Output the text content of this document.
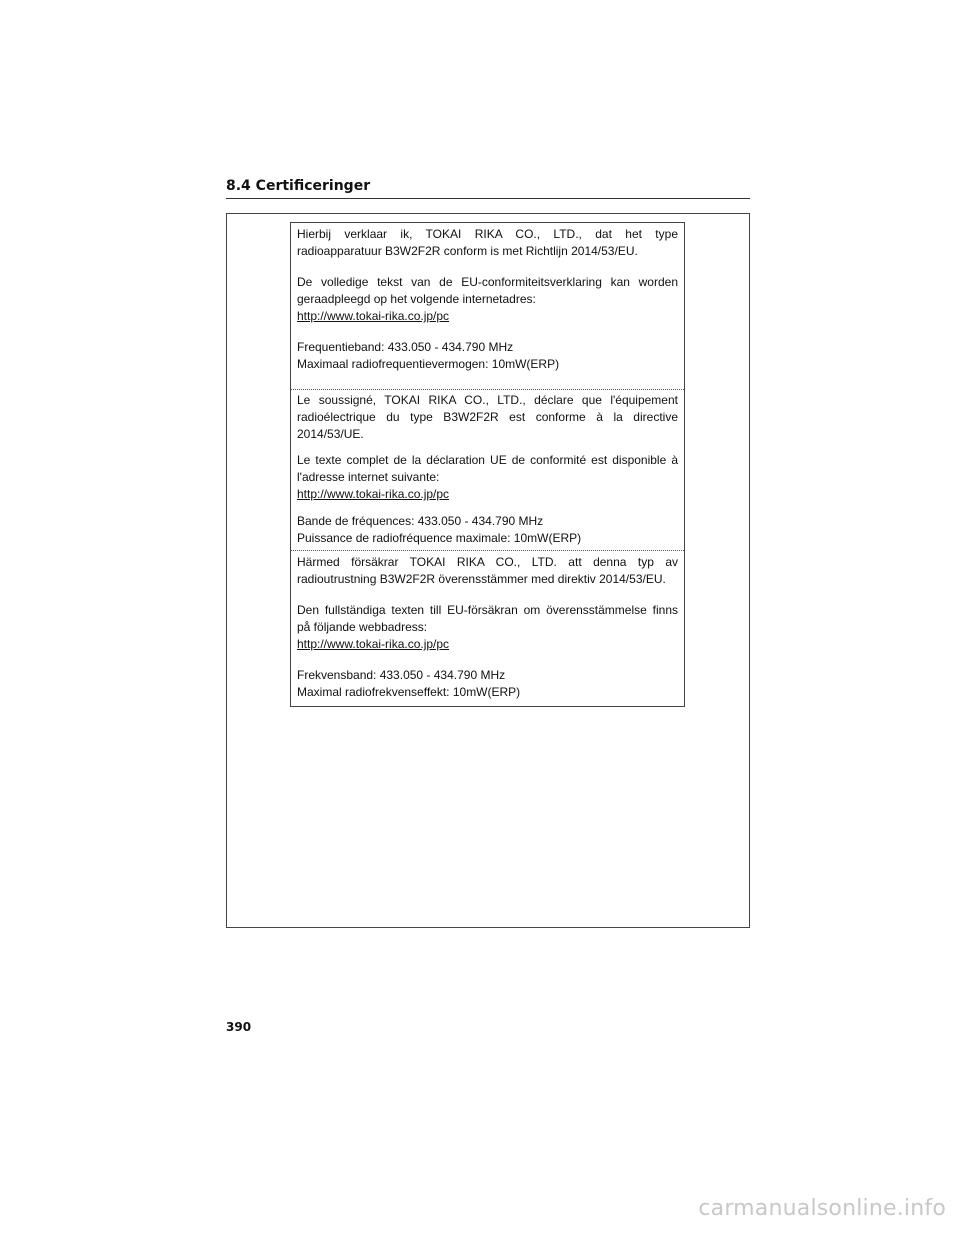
8.4 Certificeringer

Hierbij verklaar ik, TOKAI RIKA CO., LTD., dat het type

radioapparatuur B3W2F2R conform is met Richtlijn 2014/53/EU.

De volledige tekst van de EU-conformiteitsverklaring kan worden

geraadpleegd op het volgende internetadres:

http://www.tokai-rika.co.jp/pc

Frequentieband: 433.050 - 434.790 MHz

Maximaal radiofrequentievermogen: 10mW(ERP)

Le soussigné, TOKAI RIKA CO., LTD., déclare que l'équipement

radioélectrique du type B3W2F2R est conforme à la directive

2014/53/UE.

Le texte complet de la déclaration UE de conformité est disponible à

l'adresse internet suivante:

http://www.tokai-rika.co.jp/pc

Bande de fréquences: 433.050 - 434.790 MHz

Puissance de radiofréquence maximale: 10mW(ERP)

Härmed försäkrar TOKAI RIKA CO., LTD. att denna typ av

radioutrustning B3W2F2R överensstämmer med direktiv 2014/53/EU.

Den fullständiga texten till EU-försäkran om överensstämmelse finns

på följande webbadress:

http://www.tokai-rika.co.jp/pc

Frekvensband: 433.050 - 434.790 MHz

Maximal radiofrekvenseffekt: 10mW(ERP)

390
carmanualsonline.info
